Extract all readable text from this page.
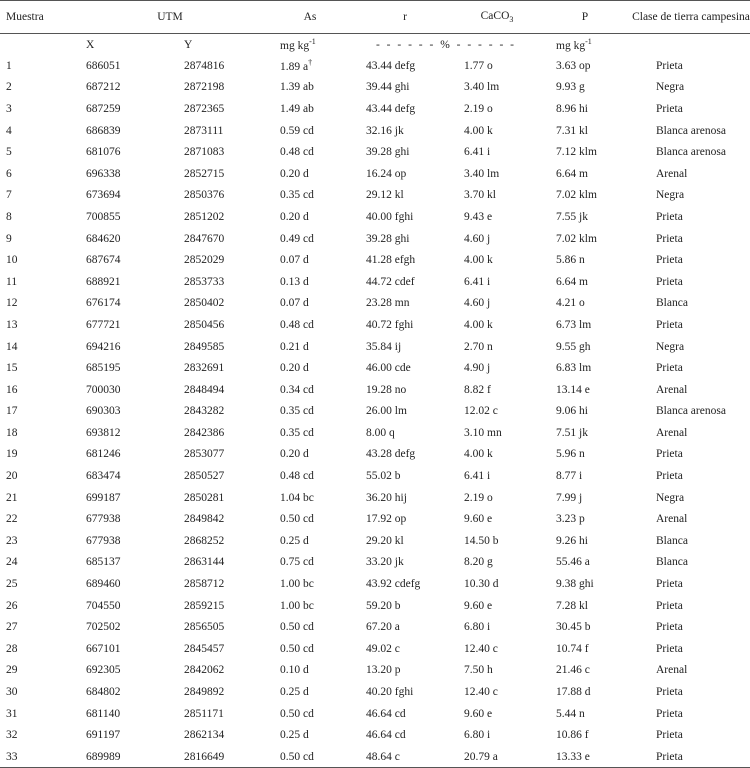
Muestra	UTM		As	r	CaCO$_3$	P	Clase de tierra campesina
	X	Y	mg $kg^{-1}$	- - - - - - % - - - - - -		mg $kg^{-1}$	
1	686051	2874816	1.89 a†	43.44 defg	1.77 o	3.63 op	Prieta
2	687212	2872198	1.39 ab	39.44 ghi	3.40 lm	9.93 g	Negra
3	687259	2872365	1.49 ab	43.44 defg	2.19 o	8.96 hi	Prieta
4	686839	2873111	0.59 cd	32.16 jk	4.00 k	7.31 kl	Blanca arenosa
5	681076	2871083	0.48 cd	39.28 ghi	6.41 i	7.12 klm	Blanca arenosa
6	696338	2852715	0.20 d	16.24 op	3.40 lm	6.64 m	Arenal
7	673694	2850376	0.35 cd	29.12 kl	3.70 kl	7.02 klm	Negra
8	700855	2851202	0.20 d	40.00 fghi	9.43 e	7.55 jk	Prieta
9	684620	2847670	0.49 cd	39.28 ghi	4.60 j	7.02 klm	Prieta
10	687674	2852029	0.07 d	41.28 efgh	4.00 k	5.86 n	Prieta
11	688921	2853733	0.13 d	44.72 cdef	6.41 i	6.64 m	Prieta
12	676174	2850402	0.07 d	23.28 mn	4.60 j	4.21 o	Blanca
13	677721	2850456	0.48 cd	40.72 fghi	4.00 k	6.73 lm	Prieta
14	694216	2849585	0.21 d	35.84 ij	2.70 n	9.55 gh	Negra
15	685195	2832691	0.20 d	46.00 cde	4.90 j	6.83 lm	Prieta
16	700030	2848494	0.34 cd	19.28 no	8.82 f	13.14 e	Arenal
17	690303	2843282	0.35 cd	26.00 lm	12.02 c	9.06 hi	Blanca arenosa
18	693812	2842386	0.35 cd	8.00 q	3.10 mn	7.51 jk	Arenal
19	681246	2853077	0.20 d	43.28 defg	4.00 k	5.96 n	Prieta
20	683474	2850527	0.48 cd	55.02 b	6.41 i	8.77 i	Prieta
21	699187	2850281	1.04 bc	36.20 hij	2.19 o	7.99 j	Negra
22	677938	2849842	0.50 cd	17.92 op	9.60 e	3.23 p	Arenal
23	677938	2868252	0.25 d	29.20 kl	14.50 b	9.26 hi	Blanca
24	685137	2863144	0.75 cd	33.20 jk	8.20 g	55.46 a	Blanca
25	689460	2858712	1.00 bc	43.92 cdefg	10.30 d	9.38 ghi	Prieta
26	704550	2859215	1.00 bc	59.20 b	9.60 e	7.28 kl	Prieta
27	702502	2856505	0.50 cd	67.20 a	6.80 i	30.45 b	Prieta
28	667101	2845457	0.50 cd	49.02 c	12.40 c	10.74 f	Prieta
29	692305	2842062	0.10 d	13.20 p	7.50 h	21.46 c	Arenal
30	684802	2849892	0.25 d	40.20 fghi	12.40 c	17.88 d	Prieta
31	681140	2851171	0.50 cd	46.64 cd	9.60 e	5.44 n	Prieta
32	691197	2862134	0.25 d	46.64 cd	6.80 i	10.86 f	Prieta
33	689989	2816649	0.50 cd	48.64 c	20.79 a	13.33 e	Prieta
